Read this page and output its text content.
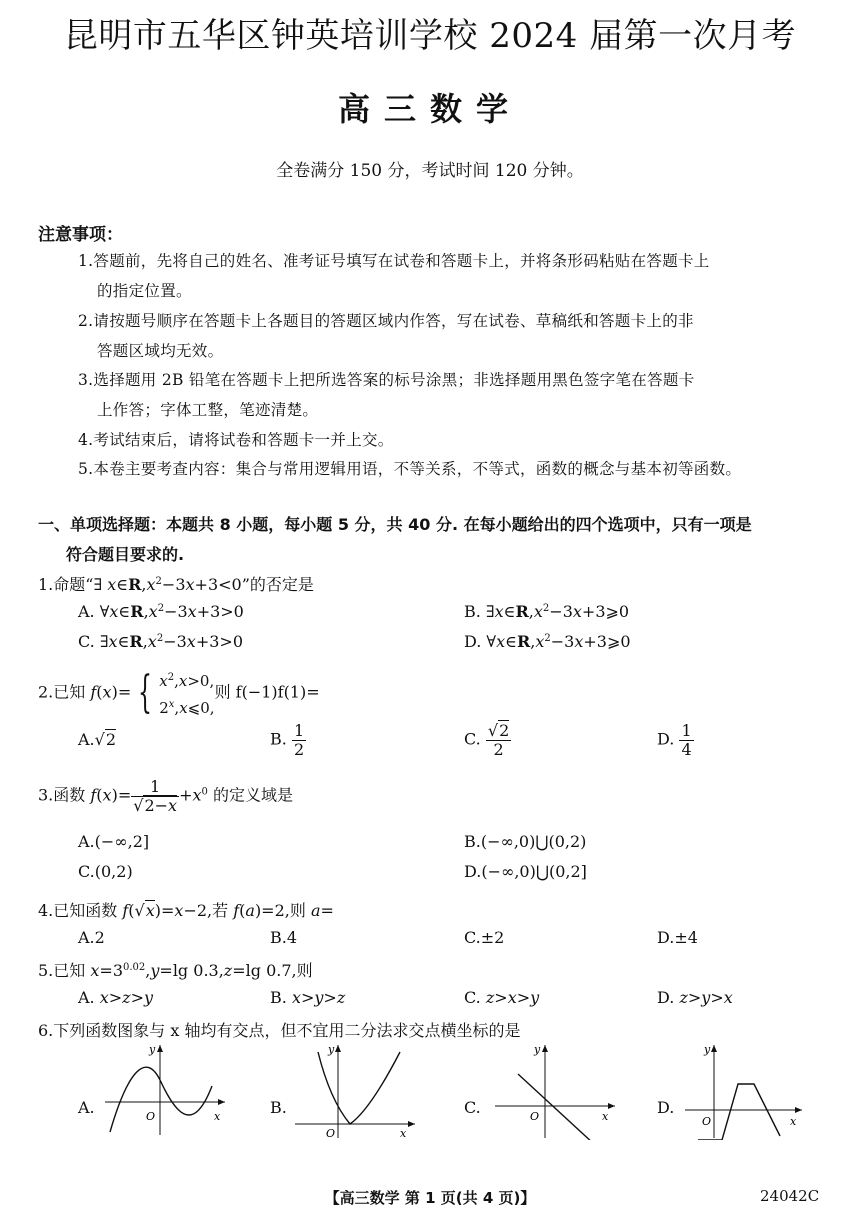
昆明市五华区钟英培训学校 2024 届第一次月考
高三数学
全卷满分 150 分，考试时间 120 分钟。
注意事项：
1.答题前，先将自己的姓名、准考证号填写在试卷和答题卡上，并将条形码粘贴在答题卡上
的指定位置。
2.请按题号顺序在答题卡上各题目的答题区域内作答，写在试卷、草稿纸和答题卡上的非
答题区域均无效。
3.选择题用 2B 铅笔在答题卡上把所选答案的标号涂黑；非选择题用黑色签字笔在答题卡
上作答；字体工整，笔迹清楚。
4.考试结束后，请将试卷和答题卡一并上交。
5.本卷主要考查内容：集合与常用逻辑用语，不等关系，不等式，函数的概念与基本初等函数。
一、单项选择题：本题共 8 小题，每小题 5 分，共 40 分. 在每小题给出的四个选项中，只有一项是
符合题目要求的.
1.命题“∃ $x\in R,x^2-3x+3<0$”的否定是
A. $\forall x\in R,x^2-3x+3>0$	B. $\exists x\in R,x^2-3x+3⩾0$
C. $\exists x\in R,x^2-3x+3>0$	D. $\forall x\in R,x^2-3x+3⩾0$
2.已知 f(x)= { $x^2,x>0$,
2$^x$,x⩽0,则 f(−1)f(1)=
A.√2	B. $\frac{1}{2}$	C. $\frac{√2}{2}$	D. $\frac{1}{4}$
3.函数 $f(x)= \frac{1}{√2-x} +x^0$ 的定义域是
A.(−∞,2]	B.(−∞,0)⋃(0,2)
C.(0,2)	D.(−∞,0)⋃(0,2]
4.已知函数 f(√x)=x−2,若 f(a)=2,则 a=
A.2	B.4	C.±2	D.±4
5.已知 $x=3^{0.02},y=\lg$ 0.3,z=lg 0.7,则
A. x>z>y	B. x>y>z	C. z>x>y	D. z>y>x
6.下列函数图象与 x 轴均有交点，但不宜用二分法求交点横坐标的是
A.
y
O	x	B.
y
O	x
C.
y
O	x	D.
y
O	x
【高三数学 第 1 页(共 4 页)】	24042C
